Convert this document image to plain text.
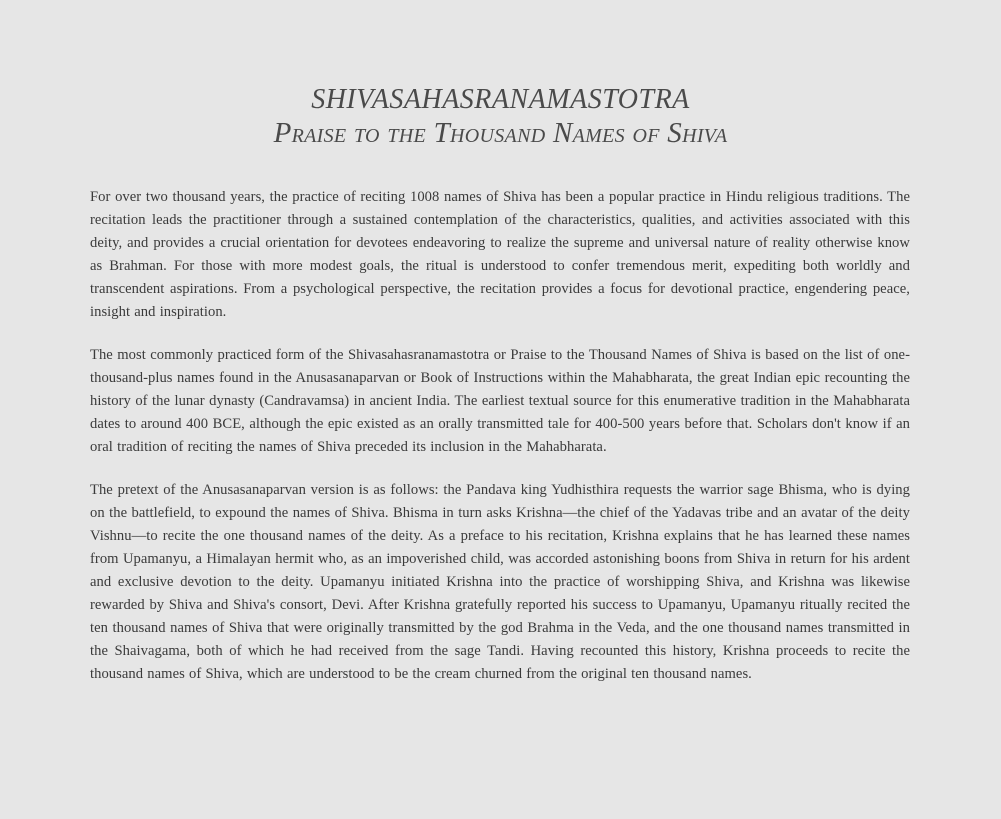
SHIVASAHASRANAMASTOTRA
Praise to the Thousand Names of Shiva

For over two thousand years, the practice of reciting 1008 names of Shiva has been a popular practice in Hindu religious traditions. The recitation leads the practitioner through a sustained contemplation of the characteristics, qualities, and activities associated with this deity, and provides a crucial orientation for devotees endeavoring to realize the supreme and universal nature of reality otherwise know as Brahman. For those with more modest goals, the ritual is understood to confer tremendous merit, expediting both worldly and transcendent aspirations. From a psychological perspective, the recitation provides a focus for devotional practice, engendering peace, insight and inspiration.

The most commonly practiced form of the Shivasahasranamastotra or Praise to the Thousand Names of Shiva is based on the list of one-thousand-plus names found in the Anusasanaparvan or Book of Instructions within the Mahabharata, the great Indian epic recounting the history of the lunar dynasty (Candravamsa) in ancient India. The earliest textual source for this enumerative tradition in the Mahabharata dates to around 400 BCE, although the epic existed as an orally transmitted tale for 400-500 years before that. Scholars don't know if an oral tradition of reciting the names of Shiva preceded its inclusion in the Mahabharata.

The pretext of the Anusasanaparvan version is as follows: the Pandava king Yudhisthira requests the warrior sage Bhisma, who is dying on the battlefield, to expound the names of Shiva. Bhisma in turn asks Krishna—the chief of the Yadavas tribe and an avatar of the deity Vishnu—to recite the one thousand names of the deity. As a preface to his recitation, Krishna explains that he has learned these names from Upamanyu, a Himalayan hermit who, as an impoverished child, was accorded astonishing boons from Shiva in return for his ardent and exclusive devotion to the deity. Upamanyu initiated Krishna into the practice of worshipping Shiva, and Krishna was likewise rewarded by Shiva and Shiva's consort, Devi. After Krishna gratefully reported his success to Upamanyu, Upamanyu ritually recited the ten thousand names of Shiva that were originally transmitted by the god Brahma in the Veda, and the one thousand names transmitted in the Shaivagama, both of which he had received from the sage Tandi. Having recounted this history, Krishna proceeds to recite the thousand names of Shiva, which are understood to be the cream churned from the original ten thousand names.
